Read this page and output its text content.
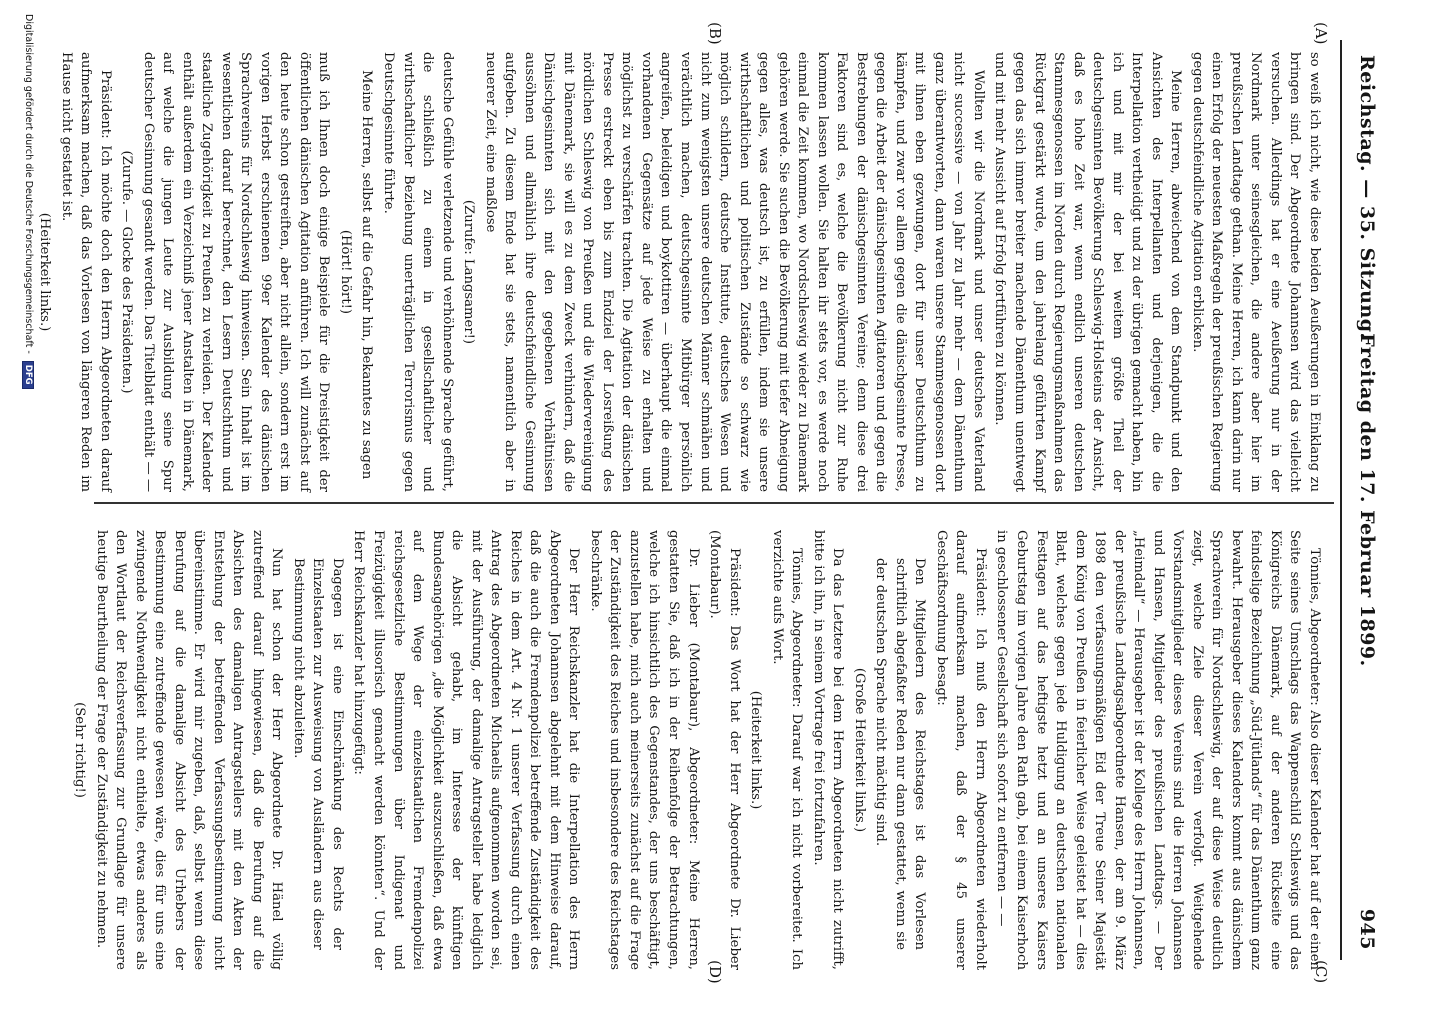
Reichstag. — 35. Sitzung.
Freitag den 17. Februar 1899.
945
(A)
(B)
(C)
(D)

so weiß ich nicht, wie diese beiden Aeußerungen in Einklang zu bringen sind. Der Abgeordnete Johannsen wird das vielleicht versuchen. Allerdings hat er eine Aeußerung nur in der Nordmark unter seinesgleichen, die andere aber hier im preußischen Landtage gethan. Meine Herren, ich kann darin nur einen Erfolg der neuesten Maßregeln der preußischen Regierung gegen deutschfeindliche Agitation erblicken.

Meine Herren, abweichend von dem Standpunkt und den Ansichten des Interpellanten und derjenigen, die die Interpellation vertheidigt und zu der übrigen gemacht haben, bin ich und mit mir der bei weitem größte Theil der deutschgesinnten Bevölkerung Schleswig-Holsteins der Ansicht, daß es hohe Zeit war, wenn endlich unseren deutschen Stammesgenossen im Norden durch Regierungsmaßnahmen das Rückgrat gestärkt wurde, um den jahrelang geführten Kampf gegen das sich immer breiter machende Dänenthum unentwegt und mit mehr Aussicht auf Erfolg fortführen zu können.

Wollten wir die Nordmark und unser deutsches Vaterland nicht successive — von Jahr zu Jahr mehr — dem Dänenthum ganz überantworten, dann waren unsere Stammesgenossen dort mit ihnen eben gezwungen, dort für unser Deutschthum zu kämpfen, und zwar vor allem gegen die dänischgesinnte Presse, gegen die Arbeit der dänischgesinnten Agitatoren und gegen die Bestrebungen der dänischgesinnten Vereine; denn diese drei Faktoren sind es, welche die Bevölkerung nicht zur Ruhe kommen lassen wollen. Sie halten ihr stets vor, es werde noch einmal die Zeit kommen, wo Nordschleswig wieder zu Dänemark gehören werde. Sie suchen die Bevölkerung mit tiefer Abneigung gegen alles, was deutsch ist, zu erfüllen, indem sie unsere wirthschaftlichen und politischen Zustände so schwarz wie möglich schildern, deutsche Institute, deutsches Wesen und nicht zum wenigsten unsere deutschen Männer schmähen und verächtlich machen, deutschgesinnte Mitbürger persönlich angreifen, beleidigen und boykottiren — überhaupt die einmal vorhandenen Gegensätze auf jede Weise zu erhalten und möglichst zu verschärfen trachten. Die Agitation der dänischen Presse erstreckt eben bis zum Endziel der Losreißung des nördlichen Schleswig von Preußen und die Wiedervereinigung mit Dänemark, sie will es zu dem Zweck verhindern, daß die Dänischgesinnten sich mit den gegebenen Verhältnissen aussöhnen und allmählich ihre deutschfeindliche Gesinnung aufgeben. Zu diesem Ende hat sie stets, namentlich aber in neuerer Zeit, eine maßlose

(Zurufe: Langsamer!)

deutsche Gefühle verletzende und verhöhnende Sprache geführt, die schließlich zu einem in gesellschaftlicher und wirthschaftlicher Beziehung unerträglichen Terrorismus gegen Deutschgesinnte führte.

Meine Herren, selbst auf die Gefahr hin, Bekanntes zu sagen

(Hört! hört!)

muß ich Ihnen doch einige Beispiele für die Dreistigkeit der öffentlichen dänischen Agitation anführen. Ich will zunächst auf den heute schon gestreiften, aber nicht allein, sondern erst im vorigen Herbst erschienenen 99er Kalender des dänischen Sprachvereins für Nordschleswig hinweisen. Sein Inhalt ist im wesentlichen darauf berechnet, den Lesern Deutschthum und staatliche Zugehörigkeit zu Preußen zu verleiden. Der Kalender enthält außerdem ein Verzeichniß jener Anstalten in Dänemark, auf welche die jungen Leute zur Ausbildung seine Spur deutscher Gesinnung gesandt werden. Das Titelblatt enthält — —

(Zurufe. — Glocke des Präsidenten.)

Präsident: Ich möchte doch den Herrn Abgeordneten darauf aufmerksam machen, daß das Vorlesen von längeren Reden im Hause nicht gestattet ist.

(Heiterkeit links.)

Tönnies, Abgeordneter: Also dieser Kalender hat auf der einen Seite seines Umschlags das Wappenschild Schleswigs und das Königreichs Dänemark, auf der anderen Rückseite eine feindselige Bezeichnung „Süd-Jütlands“ für das Dänenthum ganz bewahrt. Herausgeber dieses Kalenders kommt aus dänischem Sprachverein für Nordschleswig, der auf diese Weise deutlich zeigt, welche Ziele dieser Verein verfolgt. Weitgehende Vorstandsmitglieder dieses Vereins sind die Herren Johannsen und Hansen, Mitglieder des preußischen Landtags. — Der „Heimdall“ — Herausgeber ist der Kollege des Herrn Johannsen, der preußische Landtagsabgeordnete Hansen, der am 9. März 1898 den verfassungsmäßigen Eid der Treue Seiner Majestät dem König von Preußen in feierlicher Weise geleistet hat — dies Blatt, welches gegen jede Huldigung an deutschen nationalen Festtagen auf das heftigste hetzt und an unseres Kaisers Geburtstag im vorigen Jahre den Rath gab, bei einem Kaiserhoch in geschlossener Gesellschaft sich sofort zu entfernen — —

Präsident: Ich muß den Herrn Abgeordneten wiederholt darauf aufmerksam machen, daß der § 45 unserer Geschäftsordnung besagt:

Den Mitgliedern des Reichstages ist das Vorlesen schriftlich abgefaßter Reden nur dann gestattet, wenn sie der deutschen Sprache nicht mächtig sind.

(Große Heiterkeit links.)

Da das Letztere bei dem Herrn Abgeordneten nicht zutrifft, bitte ich ihn, in seinem Vortrage frei fortzufahren.

Tönnies, Abgeordneter: Darauf war ich nicht vorbereitet. Ich verzichte aufs Wort.

(Heiterkeit links.)

Präsident: Das Wort hat der Herr Abgeordnete Dr. Lieber (Montabaur).

Dr. Lieber (Montabaur), Abgeordneter: Meine Herren, gestatten Sie, daß ich in der Reihenfolge der Betrachtungen, welche ich hinsichtlich des Gegenstandes, der uns beschäftigt, anzustellen habe, mich auch meinerseits zunächst auf die Frage der Zuständigkeit des Reiches und insbesondere des Reichstages beschränke.

Der Herr Reichskanzler hat die Interpellation des Herrn Abgeordneten Johannsen abgelehnt mit dem Hinweise darauf, daß die auch die Fremdenpolizei betreffende Zuständigkeit des Reiches in dem Art. 4 Nr. 1 unserer Verfassung durch einen Antrag des Abgeordneten Michaelis aufgenommen worden sei, mit der Ausführung, der damalige Antragsteller habe lediglich die Absicht gehabt, im Interesse der künftigen Bundesangehörigen „die Möglichkeit auszuschließen, daß etwa auf dem Wege der einzelstaatlichen Fremdenpolizei reichsgesetzliche Bestimmungen über Indigenat und Freizügigkeit illusorisch gemacht werden könnten“. Und der Herr Reichskanzler hat hinzugefügt:

Dagegen ist eine Einschränkung des Rechts der Einzelstaaten zur Ausweisung von Ausländern aus dieser Bestimmung nicht abzuleiten.

Nun hat schon der Herr Abgeordnete Dr. Hänel völlig zutreffend darauf hingewiesen, daß die Berufung auf die Absichten des damaligen Antragstellers mit den Akten der Entstehung der betreffenden Verfassungsbestimmung nicht übereinstimme. Er wird mir zugeben, daß, selbst wenn diese Berufung auf die damalige Absicht des Urhebers der Bestimmung eine zutreffende gewesen wäre, dies für uns eine zwingende Nothwendigkeit nicht enthielte, etwas anderes als den Wortlaut der Reichsverfassung zur Grundlage für unsere heutige Beurtheilung der Frage der Zuständigkeit zu nehmen.

(Sehr richtig!)

Digitalisierung gefördert durch die Deutsche Forschungsgemeinschaft - DFG
